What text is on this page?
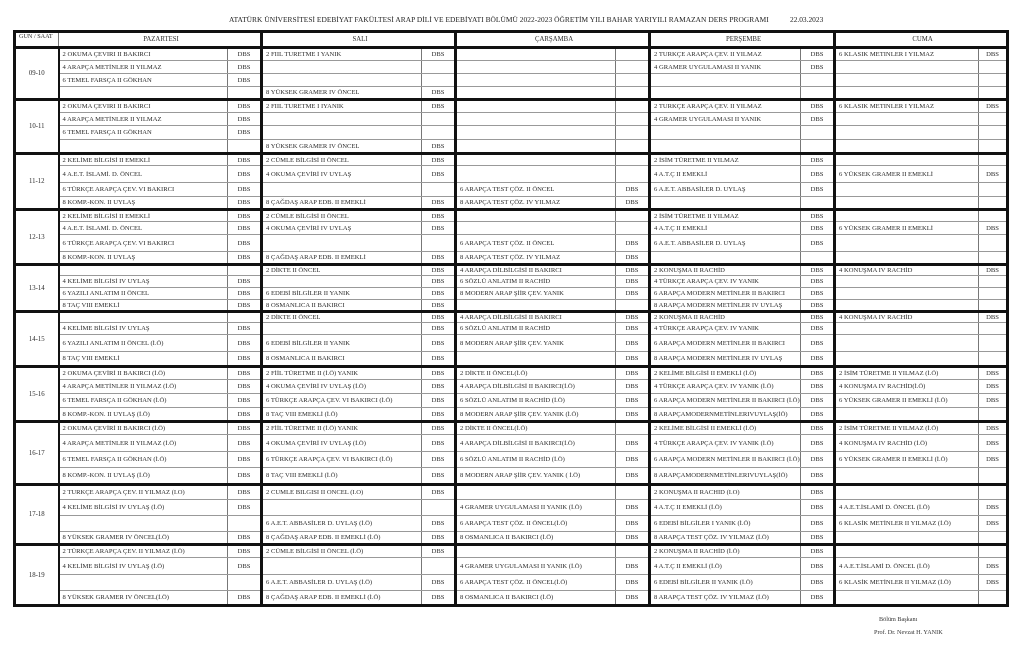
ATATÜRK ÜNİVERSİTESİ EDEBİYAT FAKÜLTESİ ARAP DİLİ VE EDEBİYATI BÖLÜMÜ 2022-2023 ÖĞRETİM YILI BAHAR YARIYILI RAMAZAN DERS PROGRAMI	22.03.2023
GUN / SAAT	PAZARTESI		SALI		ÇARŞAMBA		PERŞEMBE		CUMA	
09-10	2 OKUMA ÇEVIRI II BAKIRCI	DBS	2 FIIL TURETME I YANIK	DBS			2 TURKÇE ARAPÇA ÇEV. II YILMAZ	DBS	6 KLASIK METINLER I YILMAZ	DBS
	4 ARAPÇA METİNLER II YILMAZ	DBS					4 GRAMER UYGULAMASI II YANIK	DBS		
	6 TEMEL FARSÇA II GÖKHAN	DBS								
			8 YÜKSEK GRAMER IV ÖNCEL	DBS						
10-11	2 OKUMA ÇEVIRI II BAKIRCI	DBS	2 FIIL TURETME I IYANIK	DBS			2 TURKÇE ARAPÇA ÇEV. II YILMAZ	DBS	6 KLASIK METINLER I YILMAZ	DBS
	4 ARAPÇA METİNLER II YILMAZ	DBS					4 GRAMER UYGULAMASI II YANIK	DBS		
	6 TEMEL FARSÇA II GÖKHAN	DBS								
			8 YÜKSEK GRAMER IV ÖNCEL	DBS						
11-12	2 KELİME BİLGİSİ II EMEKLİ	DBS	2 CÜMLE BİLGİSİ II ÖNCEL	DBS			2 İSİM TÜRETME II YILMAZ	DBS		
	4 A.E.T. İSLAMİ. D. ÖNCEL	DBS	4 OKUMA ÇEVİRİ IV UYLAŞ	DBS			4 A.T.Ç II EMEKLİ	DBS	6 YÜKSEK GRAMER II EMEKLİ	DBS
	6 TÜRKÇE ARAPÇA ÇEV. VI BAKIRCI	DBS			6 ARAPÇA TEST ÇÖZ. II ÖNCEL	DBS	6 A.E.T. ABBASİLER D. UYLAŞ	DBS		
	8 KOMP.-KON. II UYLAŞ	DBS	8 ÇAĞDAŞ ARAP EDB. II EMEKLİ	DBS	8 ARAPÇA TEST ÇÖZ. IV YILMAZ	DBS				
12-13	2 KELİME BİLGİSİ II EMEKLİ	DBS	2 CÜMLE BİLGİSİ II ÖNCEL	DBS			2 İSİM TÜRETME II YILMAZ	DBS		
	4 A.E.T. İSLAMİ. D. ÖNCEL	DBS	4 OKUMA ÇEVİRİ IV UYLAŞ	DBS			4 A.T.Ç II EMEKLİ	DBS	6 YÜKSEK GRAMER II EMEKLİ	DBS
	6 TÜRKÇE ARAPÇA ÇEV. VI BAKIRCI	DBS			6 ARAPÇA TEST ÇÖZ. II ÖNCEL	DBS	6 A.E.T. ABBASİLER D. UYLAŞ	DBS		
	8 KOMP.-KON. II UYLAŞ	DBS	8 ÇAĞDAŞ ARAP EDB. II EMEKLİ	DBS	8 ARAPÇA TEST ÇÖZ. IV YILMAZ	DBS				
13-14			2 DİKTE II ÖNCEL	DBS	4 ARAPÇA DİLBİLGİSİ II BAKIRCI	DBS	2 KONUŞMA II RACHİD	DBS	4 KONUŞMA IV RACHİD	DBS
	4 KELİME BİLGİSİ IV UYLAŞ	DBS		DBS	6 SÖZLÜ ANLATIM II RACHİD	DBS	4 TÜRKÇE ARAPÇA ÇEV. IV YANIK	DBS		
	6 YAZILI ANLATIM II ÖNCEL	DBS	6 EDEBİ BİLGİLER II YANIK	DBS	8 MODERN ARAP ŞİİR ÇEV. YANIK	DBS	6 ARAPÇA MODERN METİNLER II BAKIRCI	DBS		
	8 TAÇ VIII EMEKLİ	DBS	8 OSMANLICA II BAKIRCI	DBS			8 ARAPÇA MODERN METİNLER IV UYLAŞ	DBS		
14-15			2 DİKTE II ÖNCEL	DBS	4 ARAPÇA DİLBİLGİSİ II BAKIRCI	DBS	2 KONUŞMA II RACHİD	DBS	4 KONUŞMA IV RACHİD	DBS
	4 KELİME BİLGİSİ IV UYLAŞ	DBS		DBS	6 SÖZLÜ ANLATIM II RACHİD	DBS	4 TÜRKÇE ARAPÇA ÇEV. IV YANIK	DBS		
	6 YAZILI ANLATIM II ÖNCEL (İ.Ö)	DBS	6 EDEBİ BİLGİLER II YANIK	DBS	8 MODERN ARAP ŞİİR ÇEV. YANIK	DBS	6 ARAPÇA MODERN METİNLER II BAKIRCI	DBS		
	8 TAÇ VIII EMEKLİ	DBS	8 OSMANLICA II BAKIRCI	DBS		DBS	8 ARAPÇA MODERN METİNLER IV UYLAŞ	DBS		
15-16	2 OKUMA ÇEVİRİ II BAKIRCI (İ.Ö)	DBS	2 FİİL TÜRETME II (İ.Ö) YANIK	DBS	2 DİKTE II ÖNCEL(İ.Ö)	DBS	2 KELİME BİLGİSİ II EMEKLİ (İ.Ö)	DBS	2 İSİM TÜRETME II YILMAZ (İ.Ö)	DBS
	4 ARAPÇA METİNLER II YILMAZ (İ.Ö)	DBS	4 OKUMA ÇEVİRİ IV UYLAŞ (İ.Ö)	DBS	4 ARAPÇA DİLBİLGİSİ II BAKIRCI(İ.Ö)	DBS	4 TÜRKÇE ARAPÇA ÇEV. IV YANIK (İ.Ö)	DBS	4 KONUŞMA IV RACHİD(İ.Ö)	DBS
	6 TEMEL FARSÇA II GÖKHAN (İ.Ö)	DBS	6 TÜRKÇE ARAPÇA ÇEV. VI BAKIRCI (İ.Ö)	DBS	6 SÖZLÜ ANLATIM II RACHİD (İ.Ö)	DBS	6 ARAPÇA MODERN METİNLER II BAKIRCI (İ.Ö)	DBS	6 YÜKSEK GRAMER II EMEKLİ (İ.Ö)	DBS
	8 KOMP.-KON. II UYLAŞ (İ.Ö)	DBS	8 TAÇ VIII EMEKLİ (İ.Ö)	DBS	8 MODERN ARAP ŞİİR ÇEV. YANIK (İ.Ö)	DBS	8 ARAPÇAMODERNMETİNLERIVUYLAŞ(İÖ)	DBS		
16-17	2 OKUMA ÇEVİRİ II BAKIRCI (İ.Ö)	DBS	2 FİİL TÜRETME II (İ.Ö) YANIK	DBS	2 DİKTE II ÖNCEL(İ.Ö)		2 KELİME BİLGİSİ II EMEKLİ (İ.Ö)	DBS	2 İSİM TÜRETME II YILMAZ (İ.Ö)	DBS
	4 ARAPÇA METİNLER II YILMAZ (İ.Ö)	DBS	4 OKUMA ÇEVİRİ IV UYLAŞ (İ.Ö)	DBS	4 ARAPÇA DİLBİLGİSİ II BAKIRCI(İ.Ö)	DBS	4 TÜRKÇE ARAPÇA ÇEV. IV YANIK (İ.Ö)	DBS	4 KONUŞMA IV RACHİD (İ.Ö)	DBS
	6 TEMEL FARSÇA II GÖKHAN (İ.Ö)	DBS	6 TÜRKÇE ARAPÇA ÇEV. VI BAKIRCI (İ.Ö)	DBS	6 SÖZLÜ ANLATIM II RACHİD (İ.Ö)	DBS	6 ARAPÇA MODERN METİNLER II BAKIRCI (İ.Ö)	DBS	6 YÜKSEK GRAMER II EMEKLİ (İ.Ö)	DBS
	8 KOMP.-KON. II UYLAŞ (İ.Ö)	DBS	8 TAÇ VIII EMEKLİ (İ.Ö)	DBS	8 MODERN ARAP ŞİİR ÇEV. YANIK ( İ.Ö)	DBS	8 ARAPÇAMODERNMETİNLERIVUYLAŞ(İÖ)	DBS		
17-18	2 TURKÇE ARAPÇA ÇEV. II YILMAZ (I.O)	DBS	2 CUMLE BILGISI II ONCEL (I.O)	DBS			2 KONUŞMA II RACHID (I.O)	DBS		
	4 KELİME BİLGİSİ IV UYLAŞ (İ.Ö)	DBS			4 GRAMER UYGULAMASI II YANIK (İ.Ö)	DBS	4 A.T.Ç II EMEKLİ (İ.Ö)	DBS	4 A.E.T.İSLAMİ D. ÖNCEL (İ.Ö)	DBS
			6 A.E.T. ABBASİLER D. UYLAŞ (İ.Ö)	DBS	6 ARAPÇA TEST ÇÖZ. II ÖNCEL(İ.Ö)	DBS	6 EDEBİ BİLGİLER I YANIK (İ.Ö)	DBS	6 KLASİK METİNLER II YILMAZ (İ.Ö)	DBS
	8 YÜKSEK GRAMER IV ÖNCEL(İ.Ö)	DBS	8 ÇAĞDAŞ ARAP EDB. II EMEKLİ (İ.Ö)	DBS	8 OSMANLICA II BAKIRCI (İ.Ö)	DBS	8 ARAPÇA TEST ÇÖZ. IV YILMAZ (İ.Ö)	DBS		
18-19	2 TÜRKÇE ARAPÇA ÇEV. II YILMAZ (İ.Ö)	DBS	2 CÜMLE BİLGİSİ II ÖNCEL (İ.Ö)	DBS			2 KONUŞMA II RACHİD (İ.Ö)	DBS		
	4 KELİME BİLGİSİ IV UYLAŞ (İ.Ö)	DBS			4 GRAMER UYGULAMASI II YANIK (İ.Ö)	DBS	4 A.T.Ç II EMEKLİ (İ.Ö)	DBS	4 A.E.T.İSLAMİ D. ÖNCEL (İ.Ö)	DBS
			6 A.E.T. ABBASİLER D. UYLAŞ (İ.Ö)	DBS	6 ARAPÇA TEST ÇÖZ. II ÖNCEL(İ.Ö)	DBS	6 EDEBİ BİLGİLER II YANIK (İ.Ö)	DBS	6 KLASİK METİNLER II YILMAZ (İ.Ö)	DBS
	8 YÜKSEK GRAMER IV ÖNCEL(İ.Ö)	DBS	8 ÇAĞDAŞ ARAP EDB. II EMEKLİ (İ.Ö)	DBS	8 OSMANLICA II BAKIRCI (İ.Ö)	DBS	8 ARAPÇA TEST ÇÖZ. IV YILMAZ (İ.Ö)	DBS		
Bölüm Başkanı
Prof. Dr. Nevzat H. YANIK
